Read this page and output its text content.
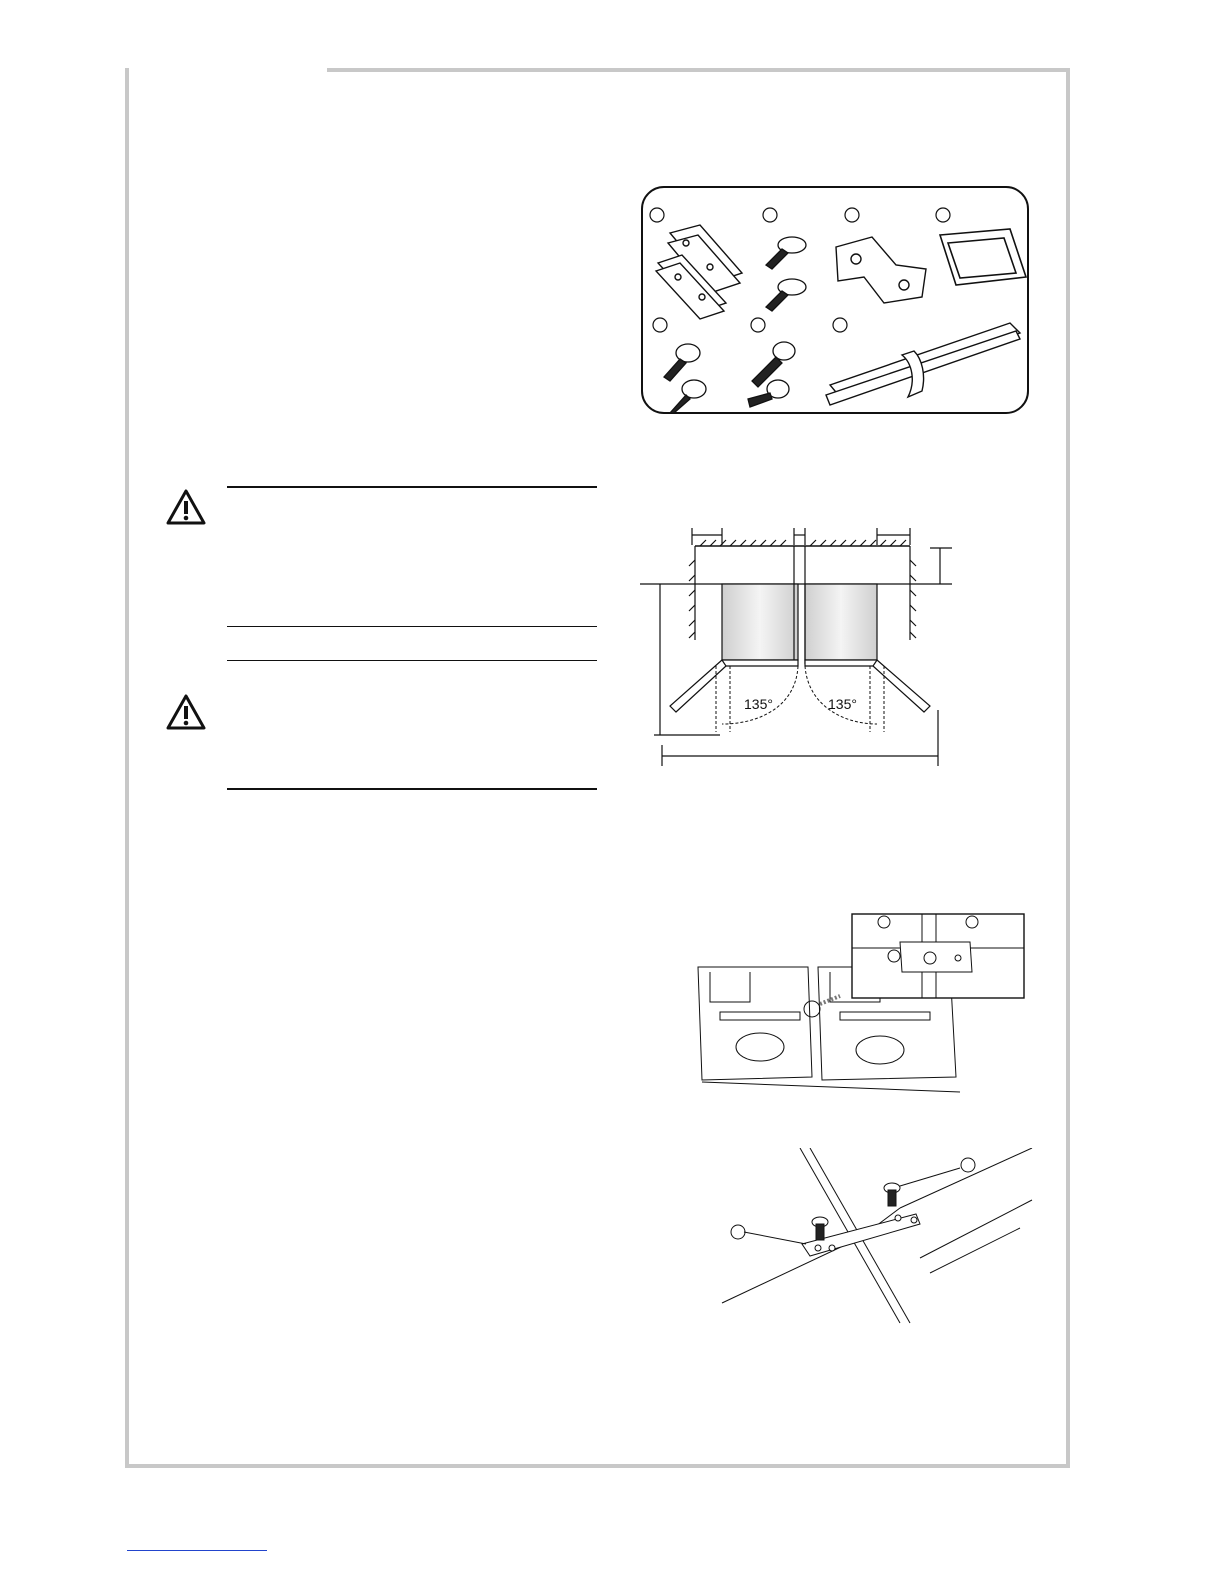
135°	135°
